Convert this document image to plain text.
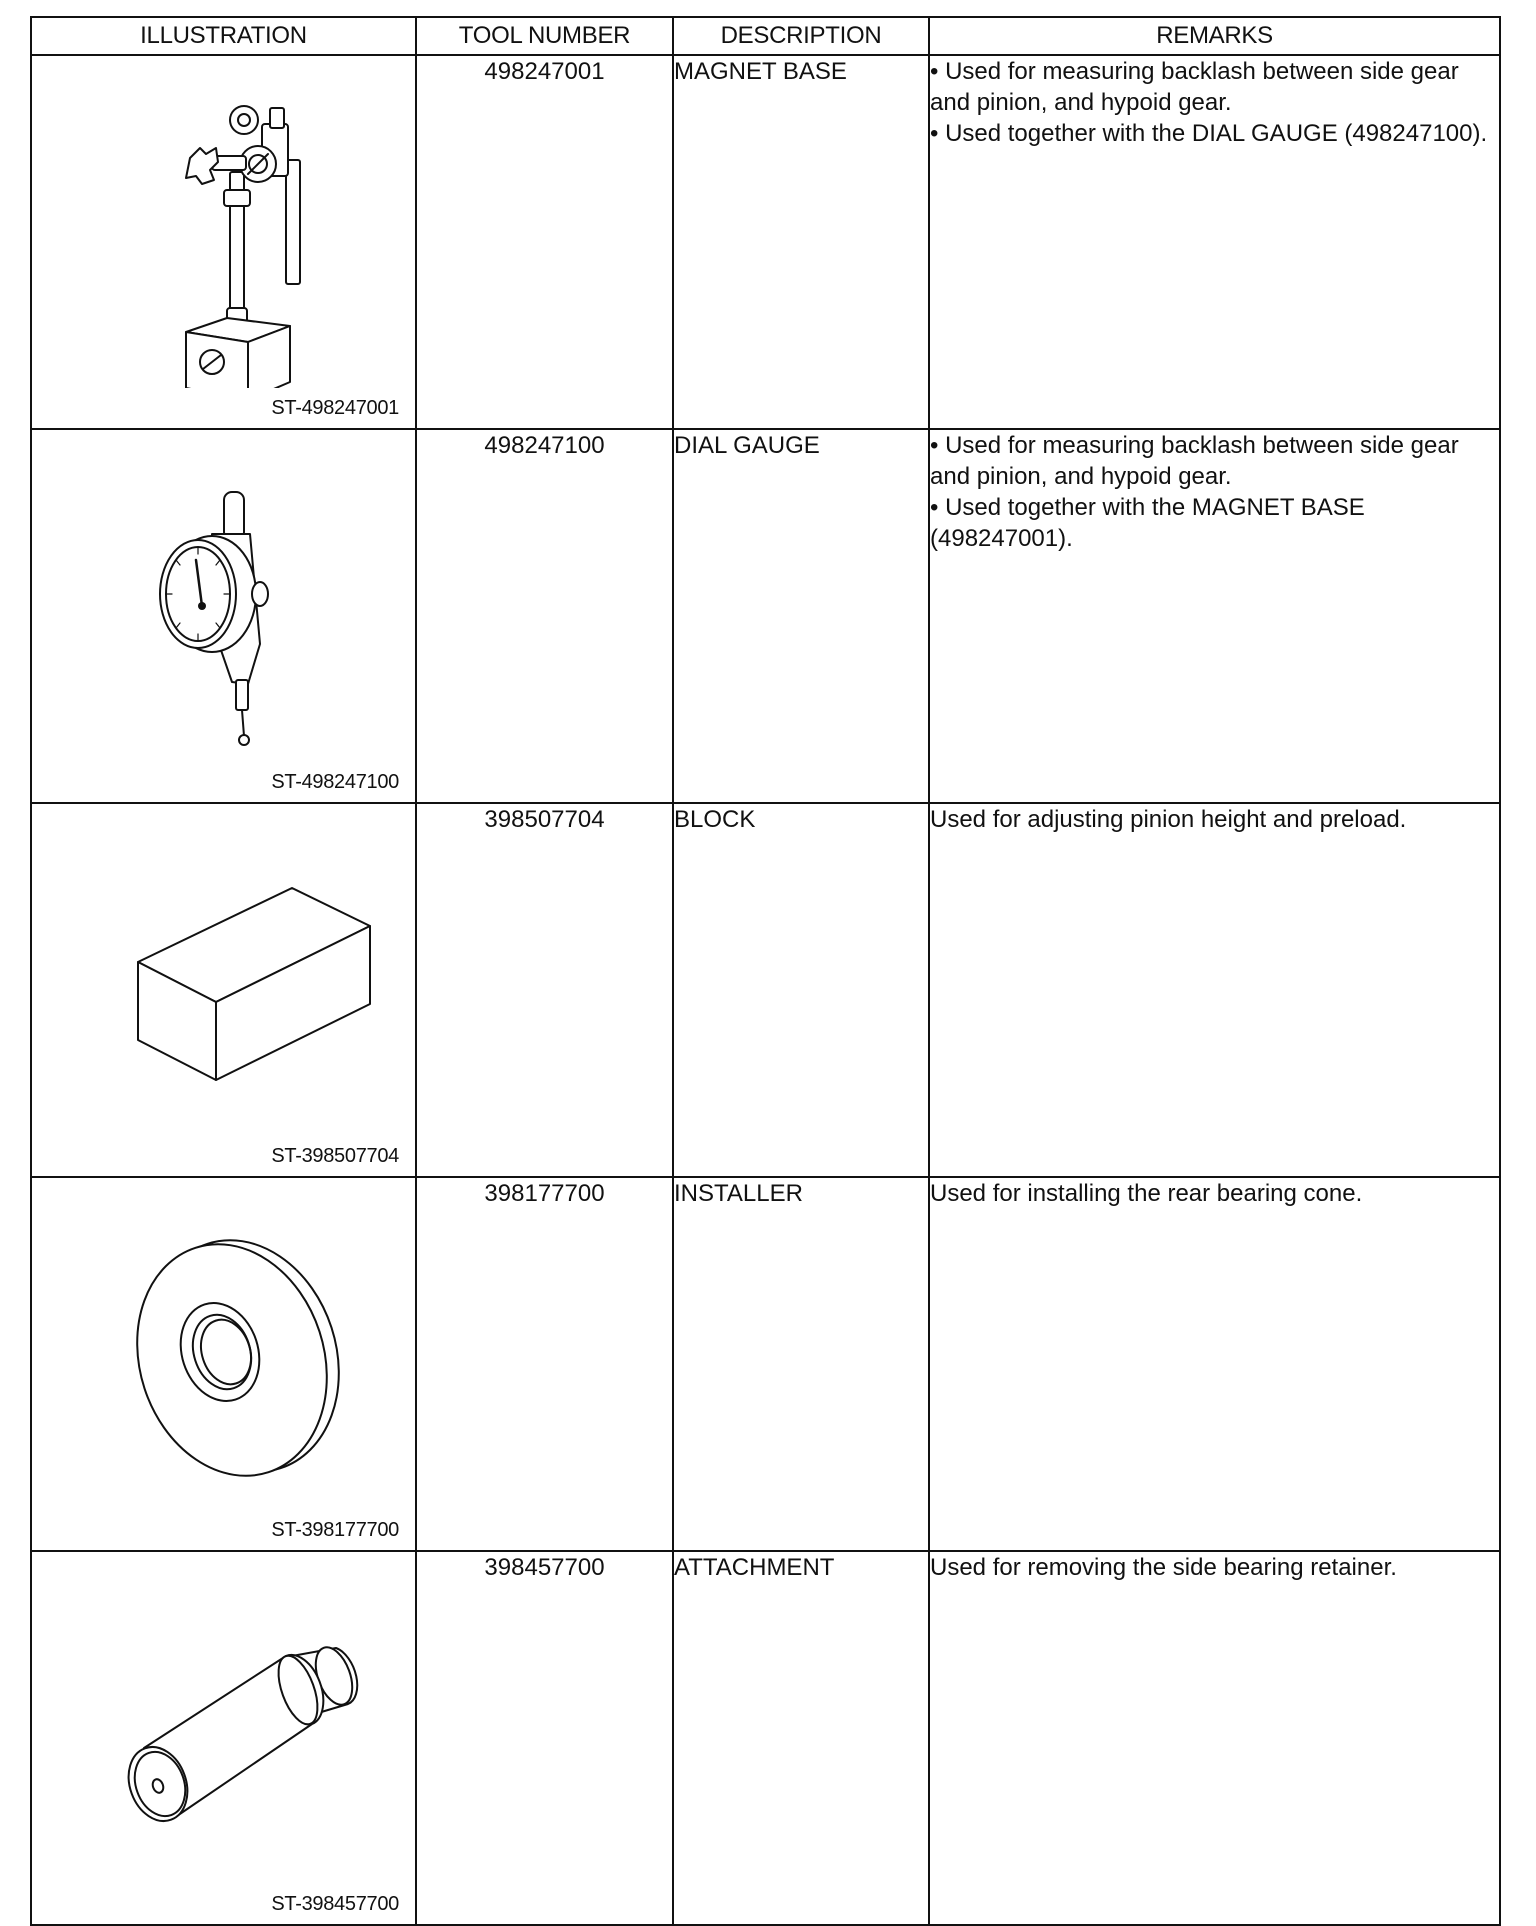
ILLUSTRATION	TOOL NUMBER	DESCRIPTION	REMARKS

ST-498247001	498247001	MAGNET BASE	• Used for measuring backlash between side gear and pinion, and hypoid gear.

• Used together with the DIAL GAUGE (498247100).

ST-498247100	498247100	DIAL GAUGE	• Used for measuring backlash between side gear and pinion, and hypoid gear.

• Used together with the MAGNET BASE (498247001).

ST-398507704	398507704	BLOCK	Used for adjusting pinion height and preload.

ST-398177700	398177700	INSTALLER	Used for installing the rear bearing cone.

ST-398457700	398457700	ATTACHMENT	Used for removing the side bearing retainer.
